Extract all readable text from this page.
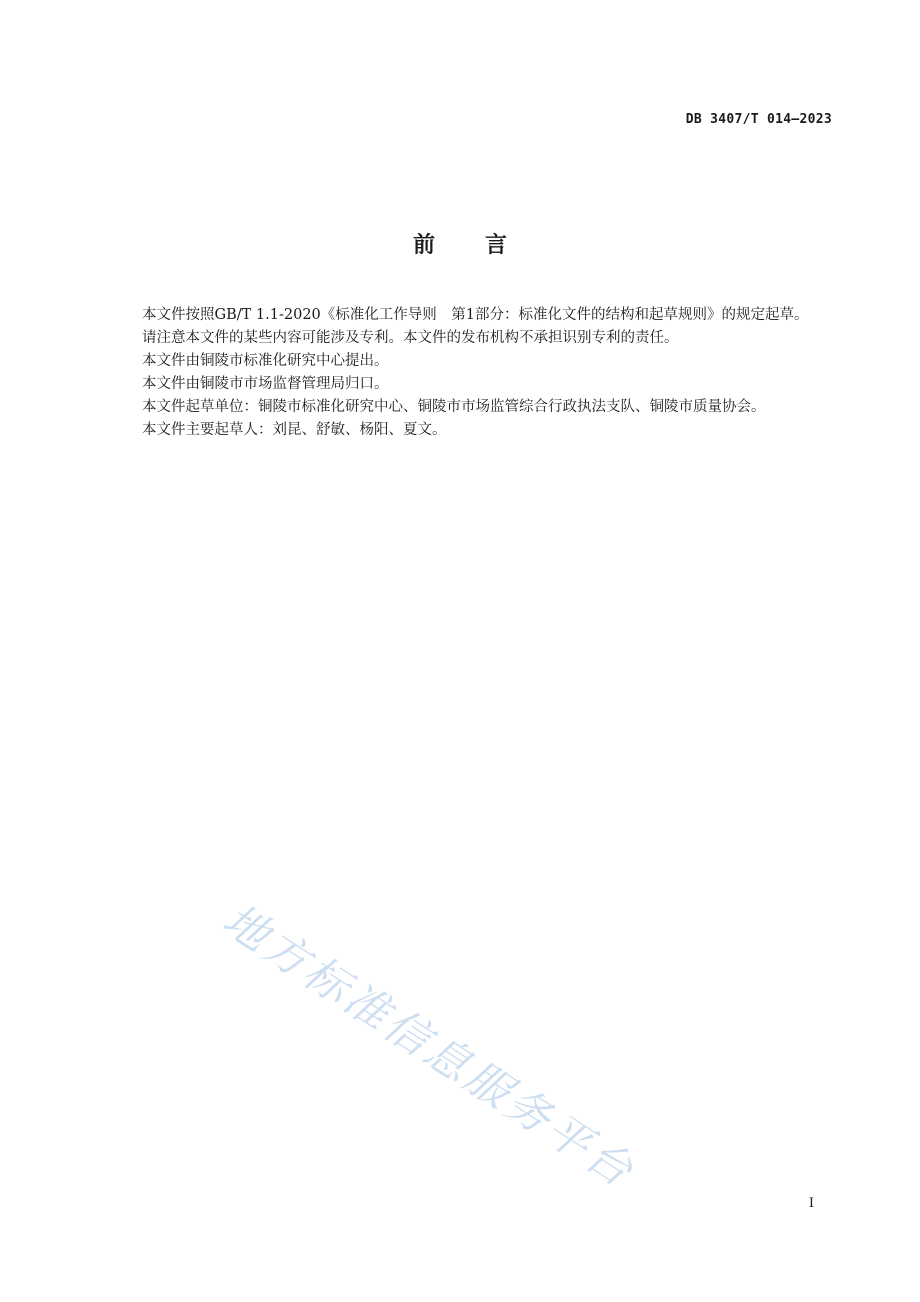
DB 3407/T 014—2023
前 言

本文件按照GB/T 1.1-2020《标准化工作导则　第1部分：标准化文件的结构和起草规则》的规定起草。

请注意本文件的某些内容可能涉及专利。本文件的发布机构不承担识别专利的责任。

本文件由铜陵市标准化研究中心提出。

本文件由铜陵市市场监督管理局归口。

本文件起草单位：铜陵市标准化研究中心、铜陵市市场监管综合行政执法支队、铜陵市质量协会。

本文件主要起草人：刘昆、舒敏、杨阳、夏文。

地方标准信息服务平台
I
